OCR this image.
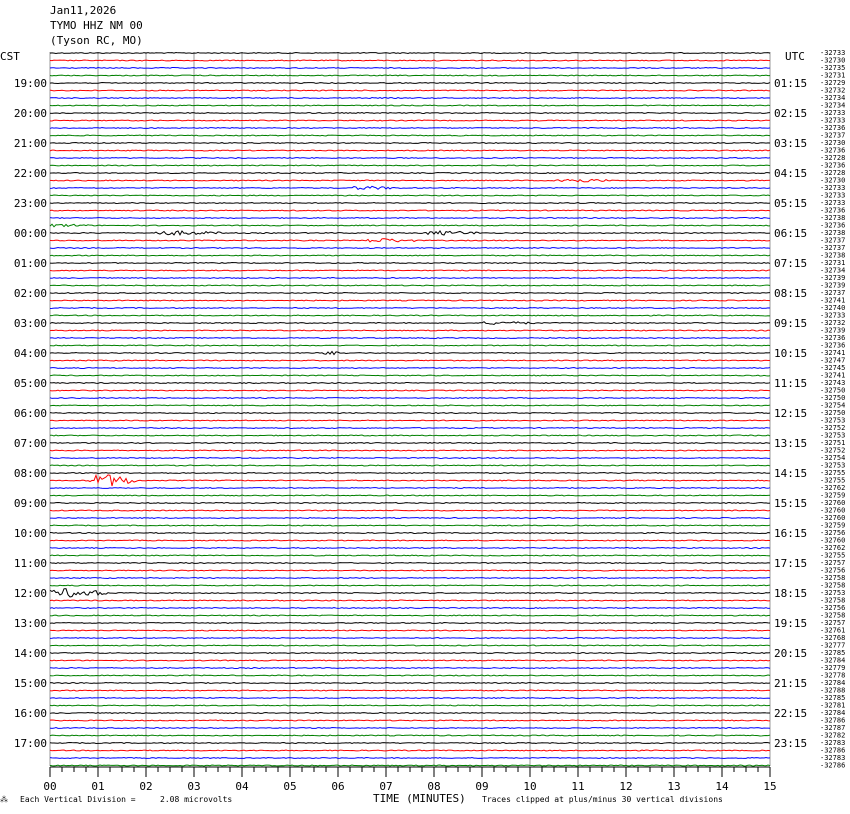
Jan11,2026
TYMO HHZ NM 00
(Tyson RC, MO)
CST	UTC -32733
-32730
-32735
-32731
-32729
-32732
-32734
-32734
-32733
-32733
-32736
-32737
-32730
-32736
-32728
-32736
-32728
-32730
-32733
-32733
-32733
-32736
-32738
-32736
-32738
-32737
-32737
-32738
-32731
-32734
-32739
-32739
-32737
-32741
-32740
-32733
-32732
-32739
-32736
-32736
-32741
-32747
-32745
-32741
-32743
-32750
-32750
-32754
-32750
-32753
-32752
-32753
-32751
-32752
-32754
-32753
-32755
-32755
-32762
-32759
-32760
-32760
-32760
-32759
-32756
-32760
-32762
-32755
-32757
-32756
-32758
-32758
-32753
-32758
-32756
-32758
-32757
-32761
-32768
-32777
-32785
-32784
-32779
-32778
-32784
-32788
-32785
-32781
-32784
-32786
-32787
-32782
-32783
-32786
-32783
-32786
19:00
20:00
21:00
22:00
23:00
00:00
01:00
02:00
03:00
04:00
05:00
06:00
07:00
08:00
09:00
10:00
11:00
12:00
13:00
14:00
15:00
16:00
17:00
01:15
02:15
03:15
04:15
05:15
06:15
07:15
08:15
09:15
10:15
11:15
12:15
13:15
14:15
15:15
16:15
17:15
18:15
19:15
20:15
21:15
22:15
23:15
00	01	02	03	04	05	06	07	08	09	10	11	12	13	14	15
⁂ Each Vertical Division =	2.08 microvolts	TIME (MINUTES) Traces clipped at plus/minus 30 vertical divisions
